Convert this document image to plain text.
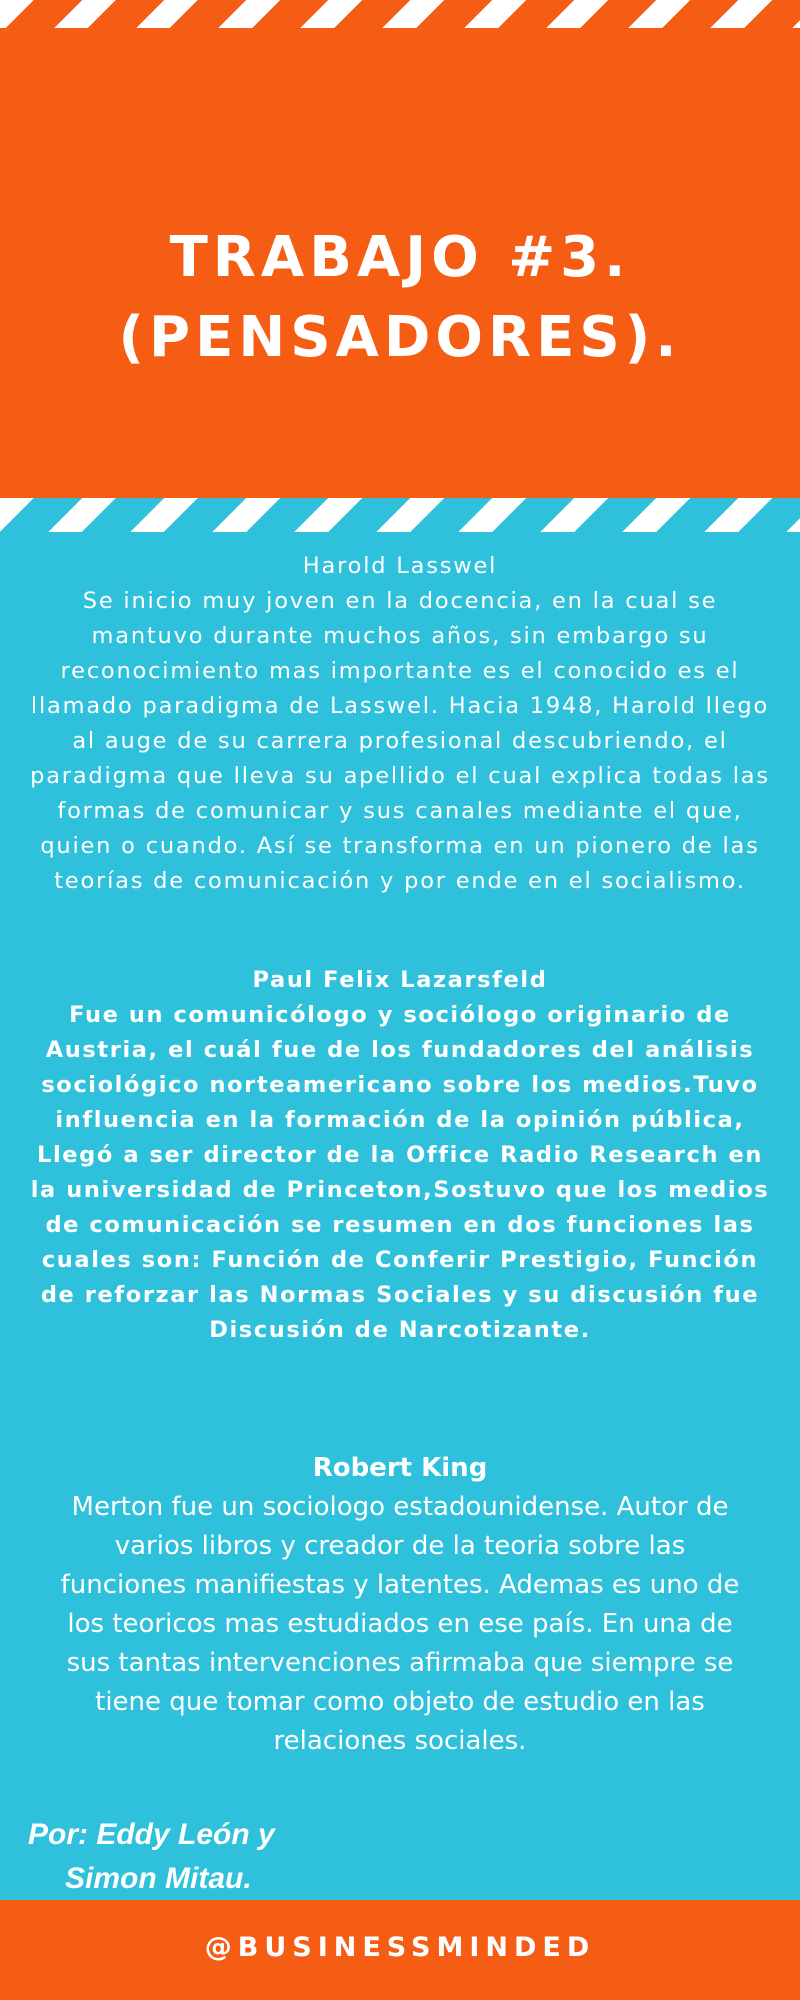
TRABAJO #3.
(PENSADORES).
Harold Lasswel
Se inicio muy joven en la docencia, en la cual se mantuvo durante muchos años, sin embargo su reconocimiento mas importante es el conocido es el llamado paradigma de Lasswel. Hacia 1948, Harold llego al auge de su carrera profesional descubriendo, el paradigma que lleva su apellido el cual explica todas las formas de comunicar y sus canales mediante el que, quien o cuando. Así se transforma en un pionero de las teorías de comunicación y por ende en el socialismo.
Paul Felix Lazarsfeld
Fue un comunicólogo y sociólogo originario de Austria, el cuál fue de los fundadores del análisis sociológico norteamericano sobre los medios.Tuvo influencia en la formación de la opinión pública,
Llegó a ser director de la Office Radio Research en la universidad de Princeton,Sostuvo que los medios de comunicación se resumen en dos funciones las cuales son: Función de Conferir Prestigio, Función de reforzar las Normas Sociales y su discusión fue Discusión de Narcotizante.
Robert King
Merton fue un sociologo estadounidense. Autor de varios libros y creador de la teoria sobre las funciones manifiestas y latentes. Ademas es uno de los teoricos mas estudiados en ese país. En una de sus tantas intervenciones afirmaba que siempre se tiene que tomar como objeto de estudio en las relaciones sociales.
Por: Eddy León y
Simon Mitau.
@BUSINESSMINDED
